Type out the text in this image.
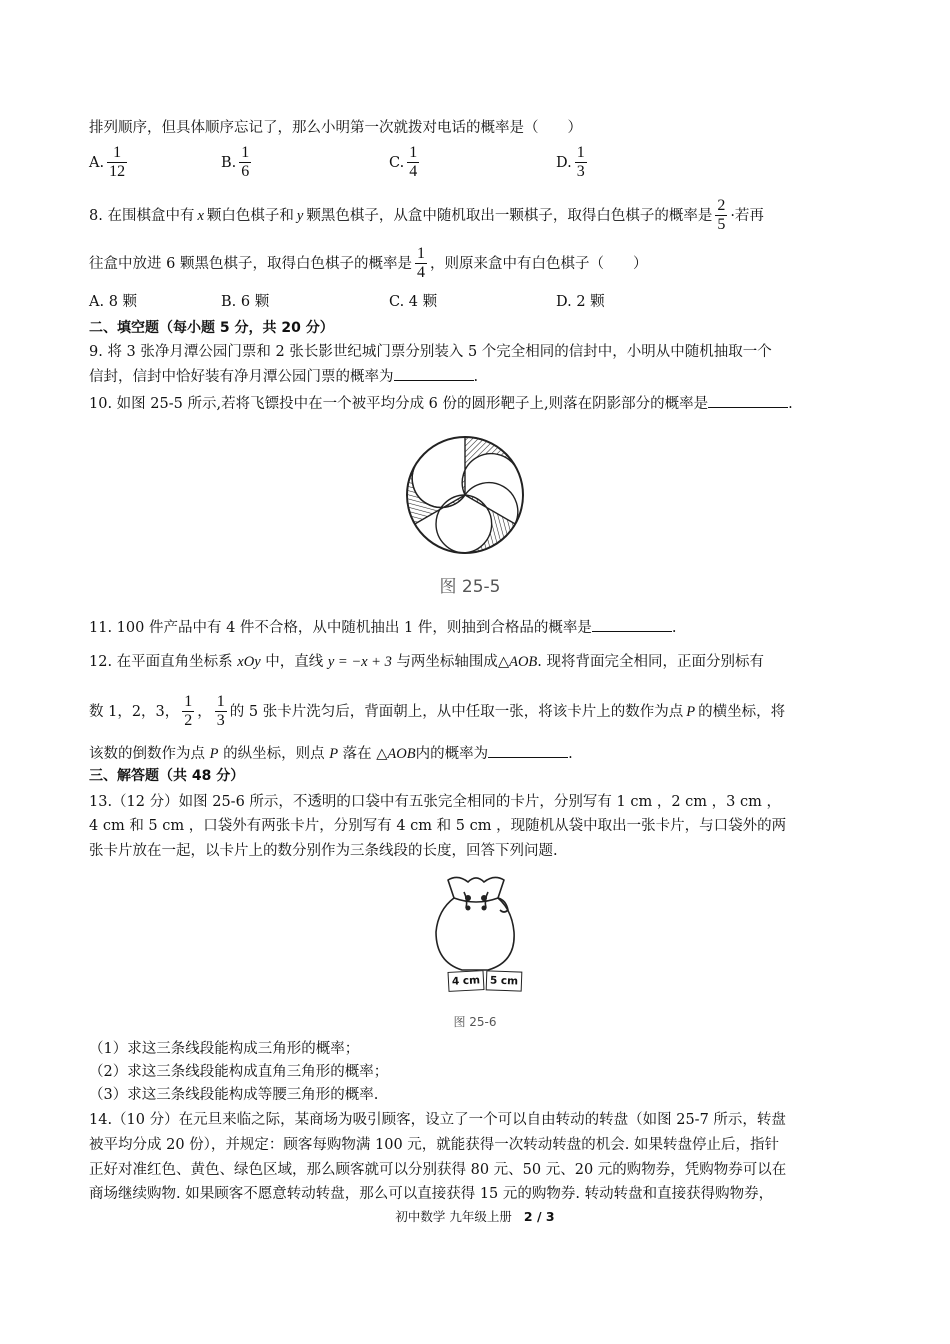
排列顺序，但具体顺序忘记了，那么小明第一次就拨对电话的概率是（　　）
A. $\frac{1}{12}$	B. $\frac{1}{6}$	C. $\frac{1}{4}$	D. $\frac{1}{3}$
8. 在围棋盒中有 x 颗白色棋子和 y 颗黑色棋子，从盒中随机取出一颗棋子，取得白色棋子的概率是 $\frac{2}{5}$ ·若再
往盒中放进 6 颗黑色棋子，取得白色棋子的概率是 $\frac{1}{4}$ ，则原来盒中有白色棋子（　　）
A. 8 颗	B. 6 颗	C. 4 颗	D. 2 颗
二、填空题（每小题 5 分，共 20 分）
9. 将 3 张净月潭公园门票和 2 张长影世纪城门票分别装入 5 个完全相同的信封中，小明从中随机抽取一个
信封，信封中恰好装有净月潭公园门票的概率为	.
10. 如图 25-5 所示,若将飞镖投中在一个被平均分成 6 份的圆形靶子上,则落在阴影部分的概率是	.
图 25-5
11. 100 件产品中有 4 件不合格，从中随机抽出 1 件，则抽到合格品的概率是	.
12. 在平面直角坐标系 xOy 中，直线 y = −x + 3 与两坐标轴围成△AOB. 现将背面完全相同，正面分别标有
数 1，2，3， $\frac{1}{2}$ ， $\frac{1}{3}$ 的 5 张卡片洗匀后，背面朝上，从中任取一张，将该卡片上的数作为点 P 的横坐标，将
该数的倒数作为点 P 的纵坐标，则点 P 落在 △AOB内的概率为	.
三、解答题（共 48 分）
13.（12 分）如图 25-6 所示，不透明的口袋中有五张完全相同的卡片，分别写有 1 cm ，2 cm ，3 cm ，
4 cm 和 5 cm ，口袋外有两张卡片，分别写有 4 cm 和 5 cm ，现随机从袋中取出一张卡片，与口袋外的两
张卡片放在一起，以卡片上的数分别作为三条线段的长度，回答下列问题.
4 cm 5 cm
图 25-6
（1）求这三条线段能构成三角形的概率；
（2）求这三条线段能构成直角三角形的概率；
（3）求这三条线段能构成等腰三角形的概率.
14.（10 分）在元旦来临之际，某商场为吸引顾客，设立了一个可以自由转动的转盘（如图 25-7 所示，转盘
被平均分成 20 份），并规定：顾客每购物满 100 元，就能获得一次转动转盘的机会. 如果转盘停止后，指针
正好对准红色、黄色、绿色区域，那么顾客就可以分别获得 80 元、50 元、20 元的购物券，凭购物券可以在
商场继续购物. 如果顾客不愿意转动转盘，那么可以直接获得 15 元的购物券. 转动转盘和直接获得购物券，
初中数学 九年级上册 2 / 3
